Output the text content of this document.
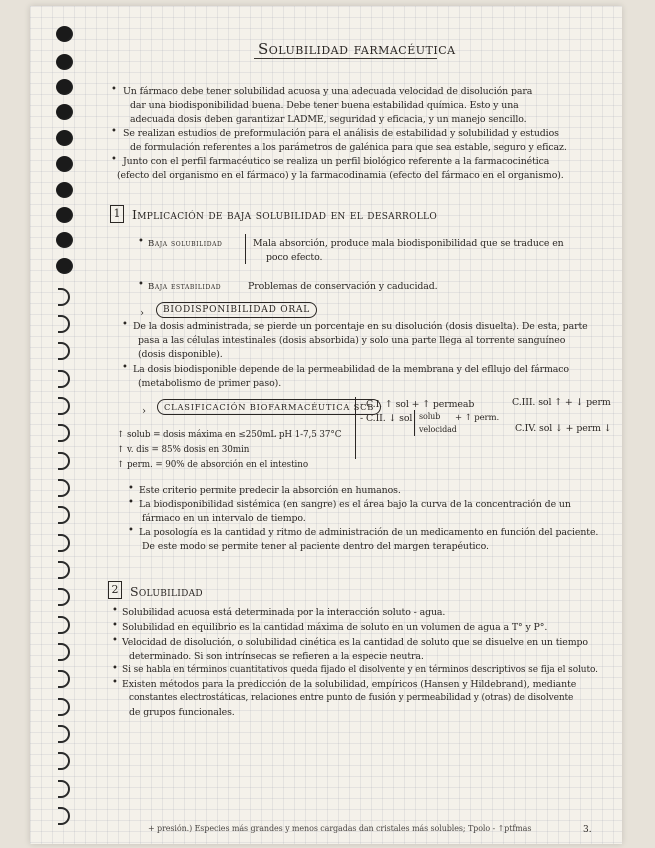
Solubilidad farmacéutica
• Un fármaco debe tener solubilidad acuosa y una adecuada velocidad de disolución para
dar una biodisponibilidad buena. Debe tener buena estabilidad química. Esto y una
adecuada dosis deben garantizar LADME, seguridad y eficacia, y un manejo sencillo.
• Se realizan estudios de preformulación para el análisis de estabilidad y solubilidad y estudios
de formulación referentes a los parámetros de galénica para que sea estable, seguro y eficaz.
• Junto con el perfil farmacéutico se realiza un perfil biológico referente a la farmacocinética
(efecto del organismo en el fármaco) y la farmacodinamia (efecto del fármaco en el organismo).
1 Implicación de baja solubilidad en el desarrollo
• Baja solubilidad	Mala absorción, produce mala biodisponibilidad que se traduce en
poco efecto.
• Baja estabilidad	Problemas de conservación y caducidad.
›	BIODISPONIBILIDAD ORAL
• De la dosis administrada, se pierde un porcentaje en su disolución (dosis disuelta). De esta, parte
pasa a las células intestinales (dosis absorbida) y solo una parte llega al torrente sanguíneo
(dosis disponible).
• La dosis biodisponible depende de la permeabilidad de la membrana y del efllujo del fármaco
(metabolismo de primer paso).
›	CLASIFICACIÓN BIOFARMACÉUTICA SCB
- C.I. ↑ sol + ↑ permeab
- C.II. ↓ sol solub
velocidad
+ ↑ perm.
C.III. sol ↑ + ↓ perm
C.IV. sol ↓ + perm ↓
↑ solub = dosis máxima en ≤250mL pH 1-7,5 37°C
↑ v. dis = 85% dosis en 30min
↑ perm. = 90% de absorción en el intestino
• Este criterio permite predecir la absorción en humanos.
• La biodisponibilidad sistémica (en sangre) es el área bajo la curva de la concentración de un
fármaco en un intervalo de tiempo.
• La posología es la cantidad y ritmo de administración de un medicamento en función del paciente.
De este modo se permite tener al paciente dentro del margen terapéutico.
2 Solubilidad
• Solubilidad acuosa está determinada por la interacción soluto - agua.
• Solubilidad en equilibrio es la cantidad máxima de soluto en un volumen de agua a T° y P°.
• Velocidad de disolución, o solubilidad cinética es la cantidad de soluto que se disuelve en un tiempo
determinado. Si son intrínsecas se refieren a la especie neutra.
• Si se habla en términos cuantitativos queda fijado el disolvente y en términos descriptivos se fija el soluto.
• Existen métodos para la predicción de la solubilidad, empíricos (Hansen y Hildebrand), mediante
constantes electrostáticas, relaciones entre punto de fusión y permeabilidad y (otras) de disolvente
de grupos funcionales.
+ presión.) Especies más grandes y menos cargadas dan cristales más solubles; Tpolo - ↑ptfmas	3.
